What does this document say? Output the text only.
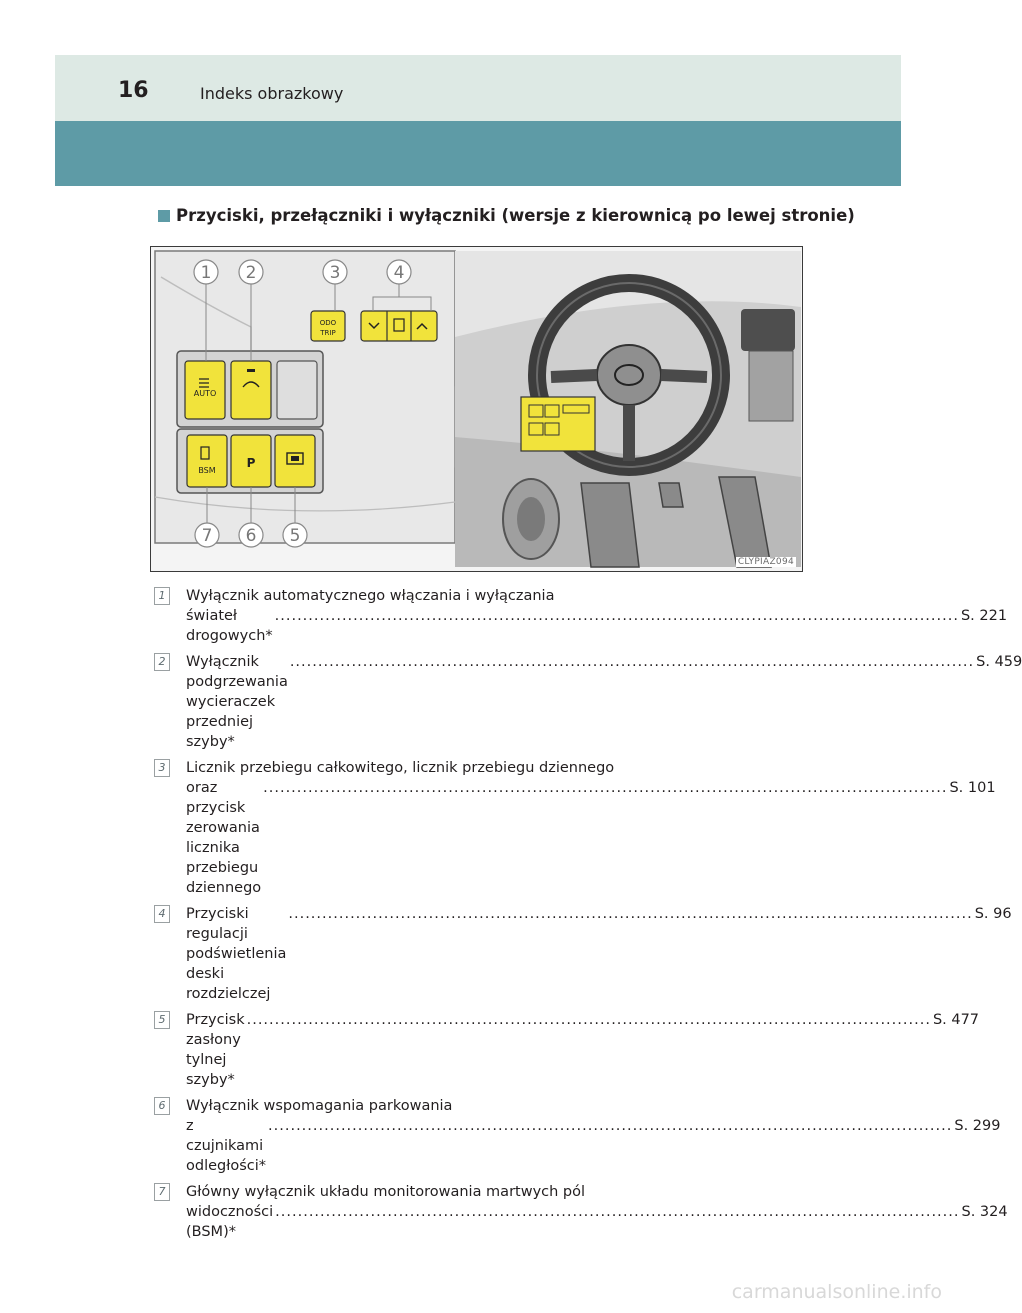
16	Indeks obrazkowy
Przyciski, przełączniki i wyłączniki (wersje z kierownicą po lewej stronie)
AUTO
BSM
P
ODO
TRIP
1 2	3	4
5
6
7
CLYPIAZ094
1	Wyłącznik automatycznego włączania i wyłączania
świateł drogowych*
.......................................................................................................................... S. 221
2	Wyłącznik podgrzewania wycieraczek przedniej szyby*
.......................................................................................................................... S. 459
3	Licznik przebiegu całkowitego, licznik przebiegu dziennego
oraz przycisk zerowania licznika przebiegu dziennego
.......................................................................................................................... S. 101
4	Przyciski regulacji podświetlenia deski rozdzielczej
.......................................................................................................................... S. 96
5	Przycisk zasłony tylnej szyby*
.......................................................................................................................... S. 477
6	Wyłącznik wspomagania parkowania
z czujnikami odległości*
.......................................................................................................................... S. 299
7	Główny wyłącznik układu monitorowania martwych pól
widoczności (BSM)*
.......................................................................................................................... S. 324
carmanualsonline.info
